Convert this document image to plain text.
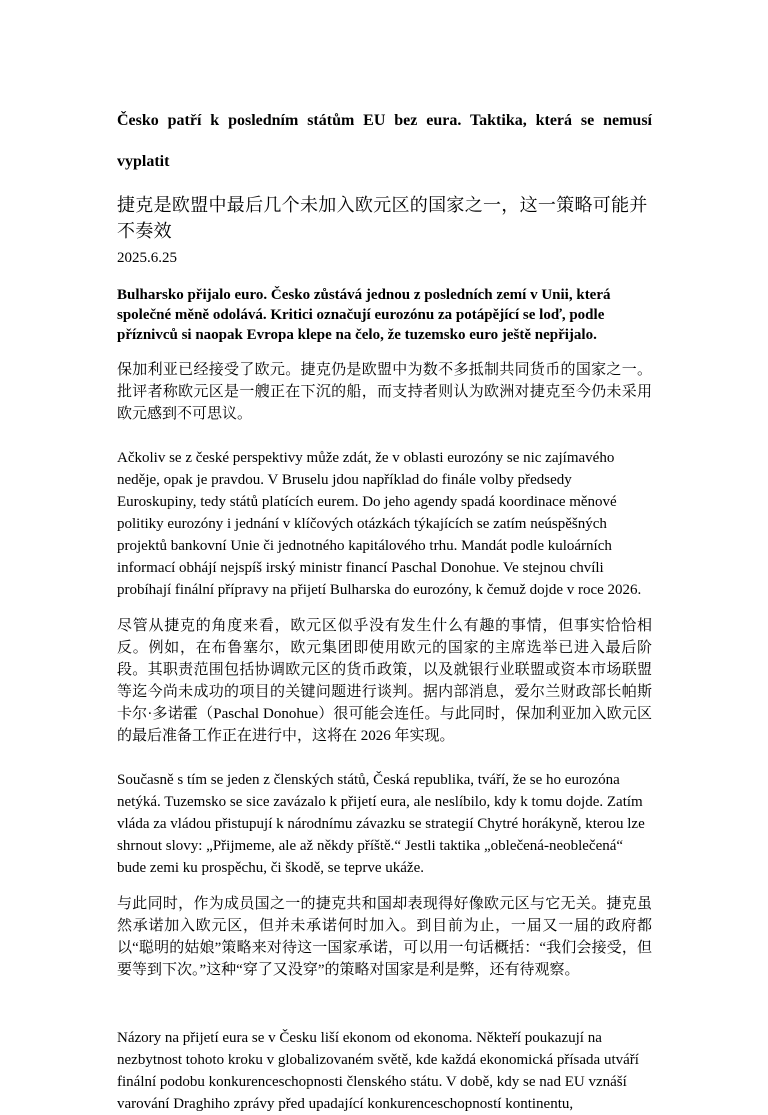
Česko patří k posledním státům EU bez eura. Taktika, která se nemusí vyplatit

捷克是欧盟中最后几个未加入欧元区的国家之一，这一策略可能并不奏效

2025.6.25

Bulharsko přijalo euro. Česko zůstává jednou z posledních zemí v Unii, která společné měně odolává. Kritici označují eurozónu za potápějící se loď, podle příznivců si naopak Evropa klepe na čelo, že tuzemsko euro ještě nepřijalo.

保加利亚已经接受了欧元。捷克仍是欧盟中为数不多抵制共同货币的国家之一。批评者称欧元区是一艘正在下沉的船，而支持者则认为欧洲对捷克至今仍未采用欧元感到不可思议。

Ačkoliv se z české perspektivy může zdát, že v oblasti eurozóny se nic zajímavého neděje, opak je pravdou. V Bruselu jdou například do finále volby předsedy Euroskupiny, tedy států platících eurem. Do jeho agendy spadá koordinace měnové politiky eurozóny i jednání v klíčových otázkách týkajících se zatím neúspěšných projektů bankovní Unie či jednotného kapitálového trhu. Mandát podle kuloárních informací obhájí nejspíš irský ministr financí Paschal Donohue. Ve stejnou chvíli probíhají finální přípravy na přijetí Bulharska do eurozóny, k čemuž dojde v roce 2026.

尽管从捷克的角度来看，欧元区似乎没有发生什么有趣的事情，但事实恰恰相反。例如，在布鲁塞尔，欧元集团即使用欧元的国家的主席选举已进入最后阶段。其职责范围包括协调欧元区的货币政策，以及就银行业联盟或资本市场联盟等迄今尚未成功的项目的关键问题进行谈判。据内部消息，爱尔兰财政部长帕斯卡尔·多诺霍（Paschal Donohue）很可能会连任。与此同时，保加利亚加入欧元区的最后准备工作正在进行中，这将在 2026 年实现。

Současně s tím se jeden z členských států, Česká republika, tváří, že se ho eurozóna netýká. Tuzemsko se sice zavázalo k přijetí eura, ale neslíbilo, kdy k tomu dojde. Zatím vláda za vládou přistupují k národnímu závazku se strategií Chytré horákyně, kterou lze shrnout slovy: „Přijmeme, ale až někdy příště.“ Jestli taktika „oblečená-neoblečená“ bude zemi ku prospěchu, či škodě, se teprve ukáže.

与此同时，作为成员国之一的捷克共和国却表现得好像欧元区与它无关。捷克虽然承诺加入欧元区，但并未承诺何时加入。到目前为止，一届又一届的政府都以“聪明的姑娘”策略来对待这一国家承诺，可以用一句话概括：“我们会接受，但要等到下次。”这种“穿了又没穿”的策略对国家是利是弊，还有待观察。

Názory na přijetí eura se v Česku liší ekonom od ekonoma. Někteří poukazují na nezbytnost tohoto kroku v globalizovaném světě, kde každá ekonomická přísada utváří finální podobu konkurenceschopnosti členského státu. V době, kdy se nad EU vznáší varování Draghiho zprávy před upadající konkurenceschopností kontinentu,
